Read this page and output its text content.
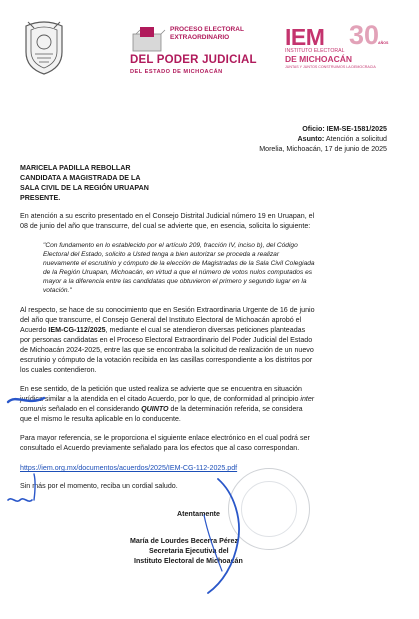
PROCESO ELECTORAL
EXTRAORDINARIO
DEL PODER JUDICIAL
DEL ESTADO DE MICHOACÁN
IEM 30
AÑOS
INSTITUTO ELECTORAL
DE MICHOACÁN
JUNTAS Y JUNTOS CONSTRUIMOS LA DEMOCRACIA
Oficio: IEM-SE-1581/2025
Asunto: Atención a solicitud
Morelia, Michoacán, 17 de junio de 2025
MARICELA PADILLA REBOLLAR
CANDIDATA A MAGISTRADA DE LA
SALA CIVIL DE LA REGIÓN URUAPAN
PRESENTE.
En atención a su escrito presentado en el Consejo Distrital Judicial número 19 en Uruapan, el
08 de junio del año que transcurre, del cual se advierte que, en esencia, solicita lo siguiente:
"Con fundamento en lo establecido por el artículo 209, fracción IV, inciso b), del Código
Electoral del Estado, solicito a Usted tenga a bien autorizar se proceda a realizar
nuevamente el escrutinio y cómputo de la elección de Magistradas de la Sala Civil Colegiada
de la Región Uruapan, Michoacán, en virtud a que el número de votos nulos computados es
mayor a la diferencia entre las candidatas que obtuvieron el primero y segundo lugar en la
votación."
Al respecto, se hace de su conocimiento que en Sesión Extraordinaria Urgente de 16 de junio
del año que transcurre, el Consejo General del Instituto Electoral de Michoacán aprobó el
Acuerdo IEM-CG-112/2025, mediante el cual se atendieron diversas peticiones planteadas
por personas candidatas en el Proceso Electoral Extraordinario del Poder Judicial del Estado
de Michoacán 2024-2025, entre las que se encontraba la solicitud de realización de un nuevo
escrutinio y cómputo de la votación recibida en las casillas correspondiente a los distritos por
los cuales contendieron.
En ese sentido, de la petición que usted realiza se advierte que se encuentra en situación
jurídica similar a la atendida en el citado Acuerdo, por lo que, de conformidad al principio inter
comunis señalado en el considerando QUINTO de la determinación referida, se considera
que el mismo le resulta aplicable en lo conducente.
Para mayor referencia, se le proporciona el siguiente enlace electrónico en el cual podrá ser
consultado el Acuerdo previamente señalado para los efectos que al caso correspondan.
https://iem.org.mx/documentos/acuerdos/2025/IEM-CG-112-2025.pdf
Sin más por el momento, reciba un cordial saludo.
Atentamente
María de Lourdes Becerra Pérez
Secretaria Ejecutiva del
Instituto Electoral de Michoacán
